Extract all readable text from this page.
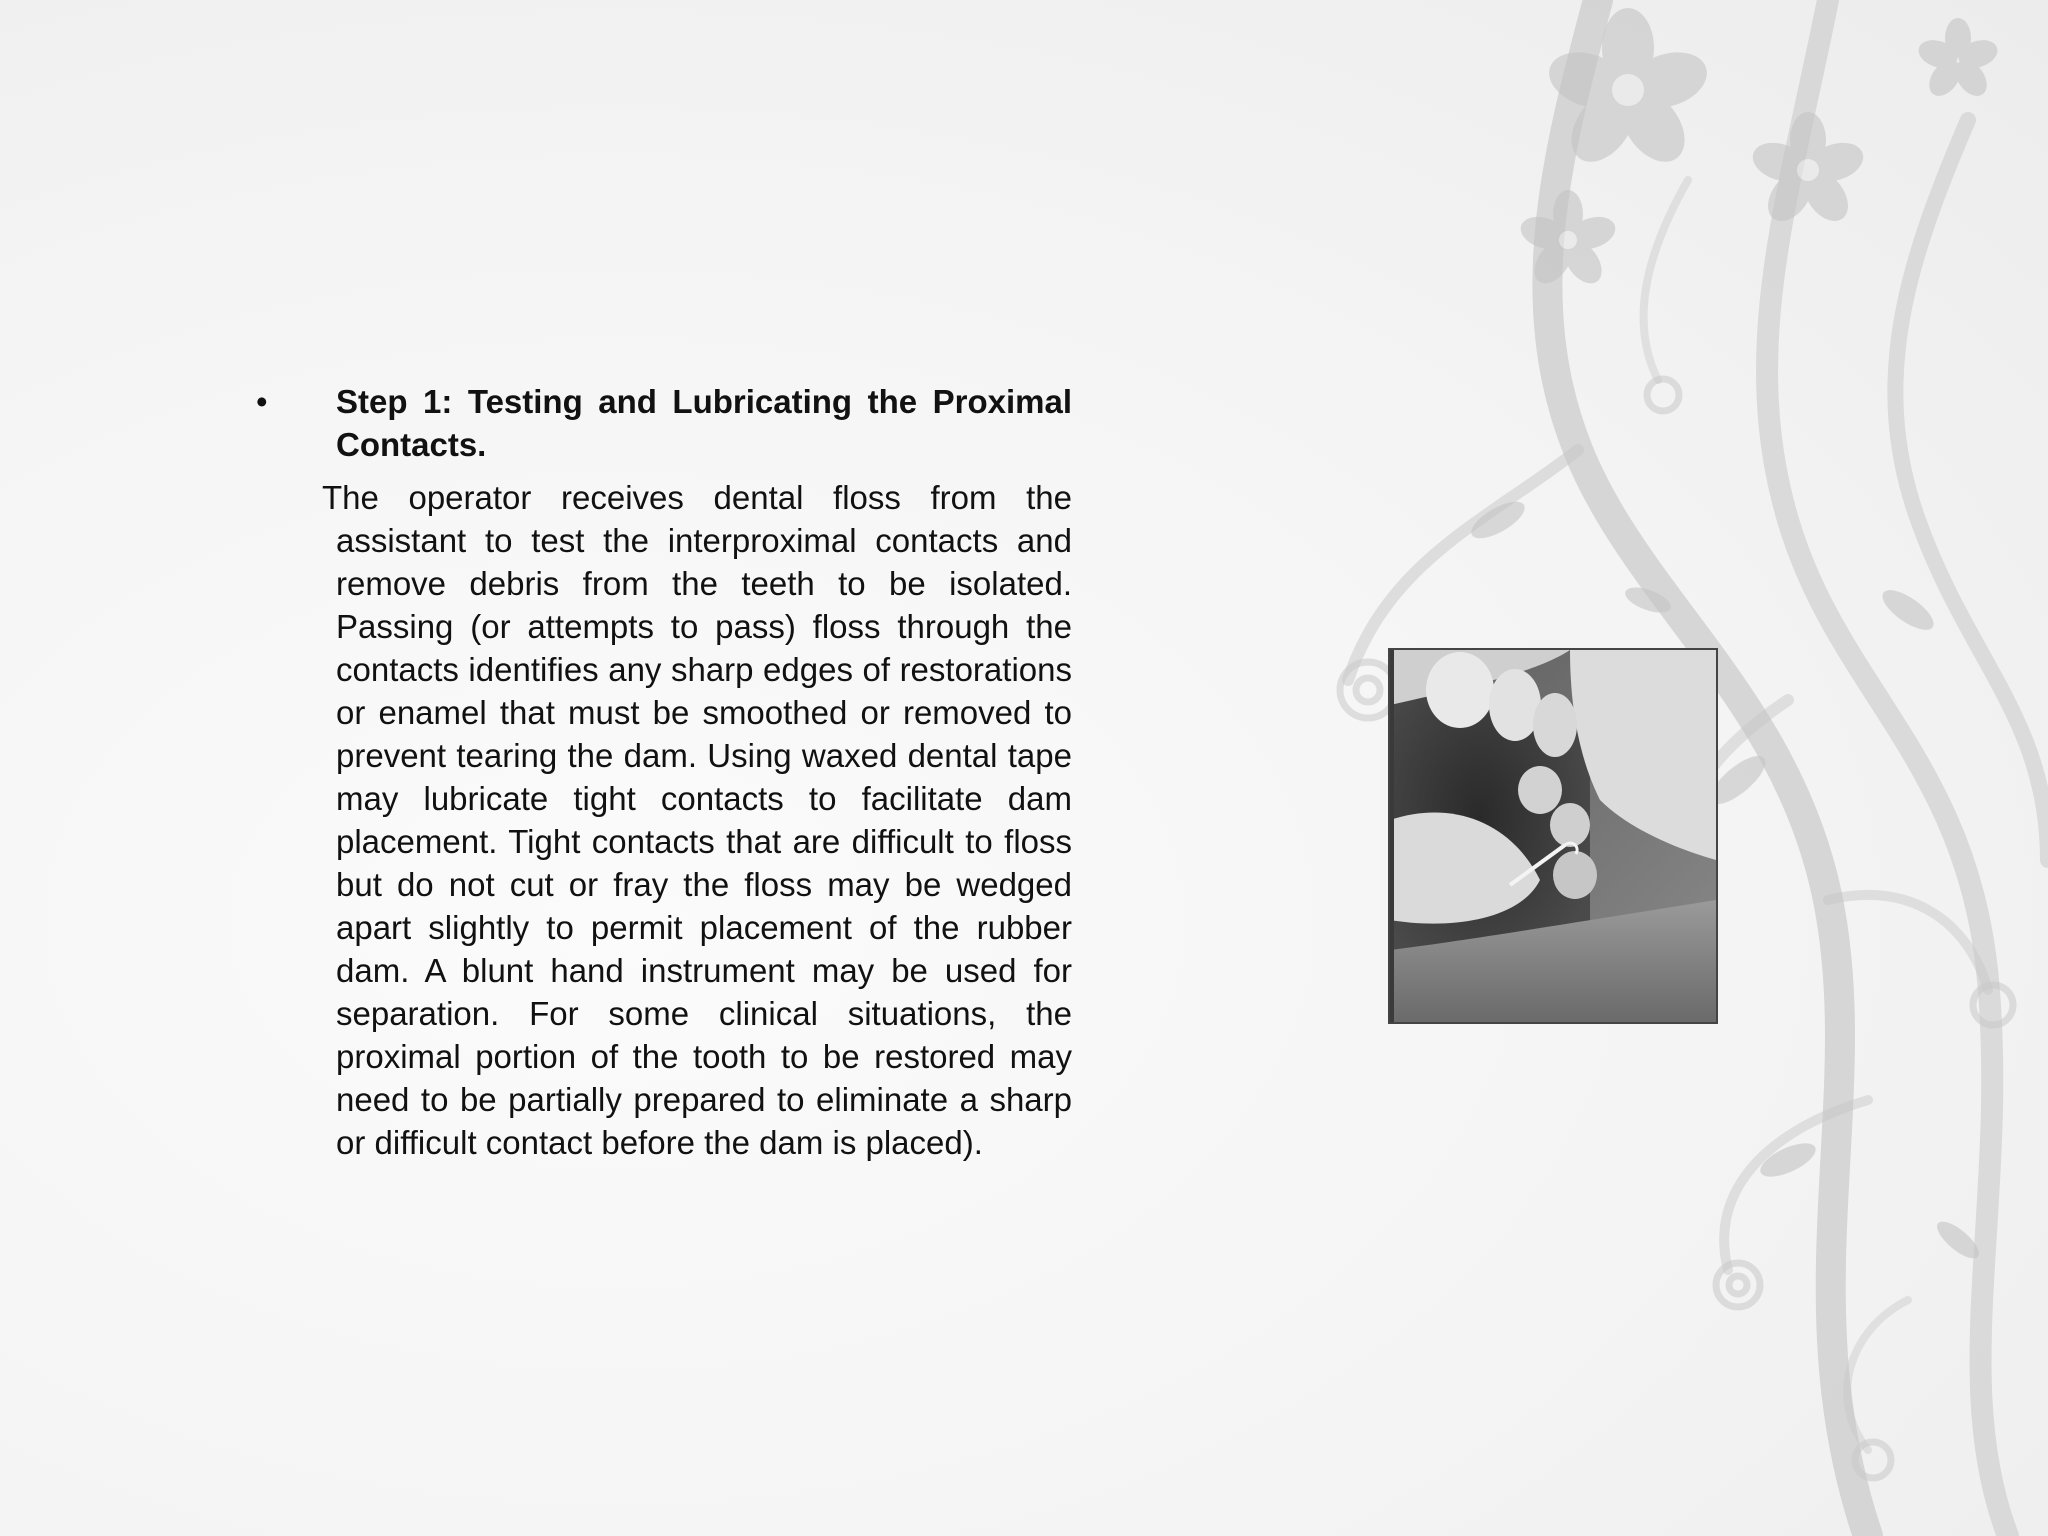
•	Step 1: Testing and Lubricating the Proximal Contacts.
The operator receives dental floss from the assistant to test the interproximal contacts and remove debris from the teeth to be isolated. Passing (or attempts to pass) floss through the contacts identifies any sharp edges of restorations or enamel that must be smoothed or removed to prevent tearing the dam. Using waxed dental tape may lubricate tight contacts to facilitate dam placement. Tight contacts that are difficult to floss but do not cut or fray the floss may be wedged apart slightly to permit placement of the rubber dam. A blunt hand instrument may be used for separation. For some clinical situations, the proximal portion of the tooth to be restored may need to be partially prepared to eliminate a sharp or difficult contact before the dam is placed).
